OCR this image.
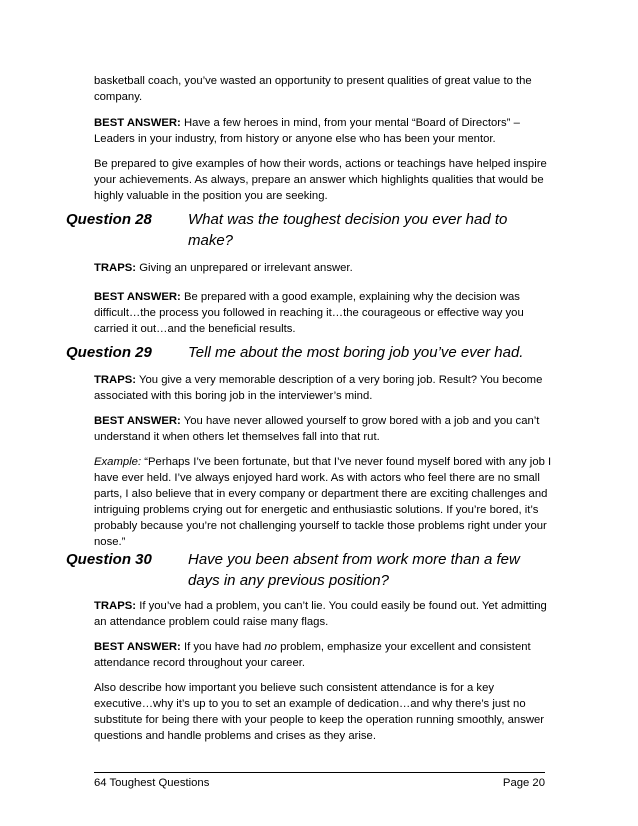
basketball coach, you’ve wasted an opportunity to present qualities of great value to the company.

BEST ANSWER: Have a few heroes in mind, from your mental “Board of Directors” – Leaders in your industry, from history or anyone else who has been your mentor.

Be prepared to give examples of how their words, actions or teachings have helped inspire your achievements. As always, prepare an answer which highlights qualities that would be highly valuable in the position you are seeking.

Question 28 What was the toughest decision you ever had to make?

TRAPS: Giving an unprepared or irrelevant answer.

BEST ANSWER: Be prepared with a good example, explaining why the decision was difficult…the process you followed in reaching it…the courageous or effective way you carried it out…and the beneficial results.

Question 29 Tell me about the most boring job you’ve ever had.

TRAPS: You give a very memorable description of a very boring job. Result? You become associated with this boring job in the interviewer’s mind.

BEST ANSWER: You have never allowed yourself to grow bored with a job and you can’t understand it when others let themselves fall into that rut.

Example: “Perhaps I’ve been fortunate, but that I’ve never found myself bored with any job I have ever held. I’ve always enjoyed hard work. As with actors who feel there are no small parts, I also believe that in every company or department there are exciting challenges and intriguing problems crying out for energetic and enthusiastic solutions. If you’re bored, it’s probably because you’re not challenging yourself to tackle those problems right under your nose.”

Question 30 Have you been absent from work more than a few days in any previous position?

TRAPS: If you’ve had a problem, you can’t lie. You could easily be found out. Yet admitting an attendance problem could raise many flags.

BEST ANSWER: If you have had no problem, emphasize your excellent and consistent attendance record throughout your career.

Also describe how important you believe such consistent attendance is for a key executive…why it’s up to you to set an example of dedication…and why there’s just no substitute for being there with your people to keep the operation running smoothly, answer questions and handle problems and crises as they arise.

64 Toughest Questions	Page 20
